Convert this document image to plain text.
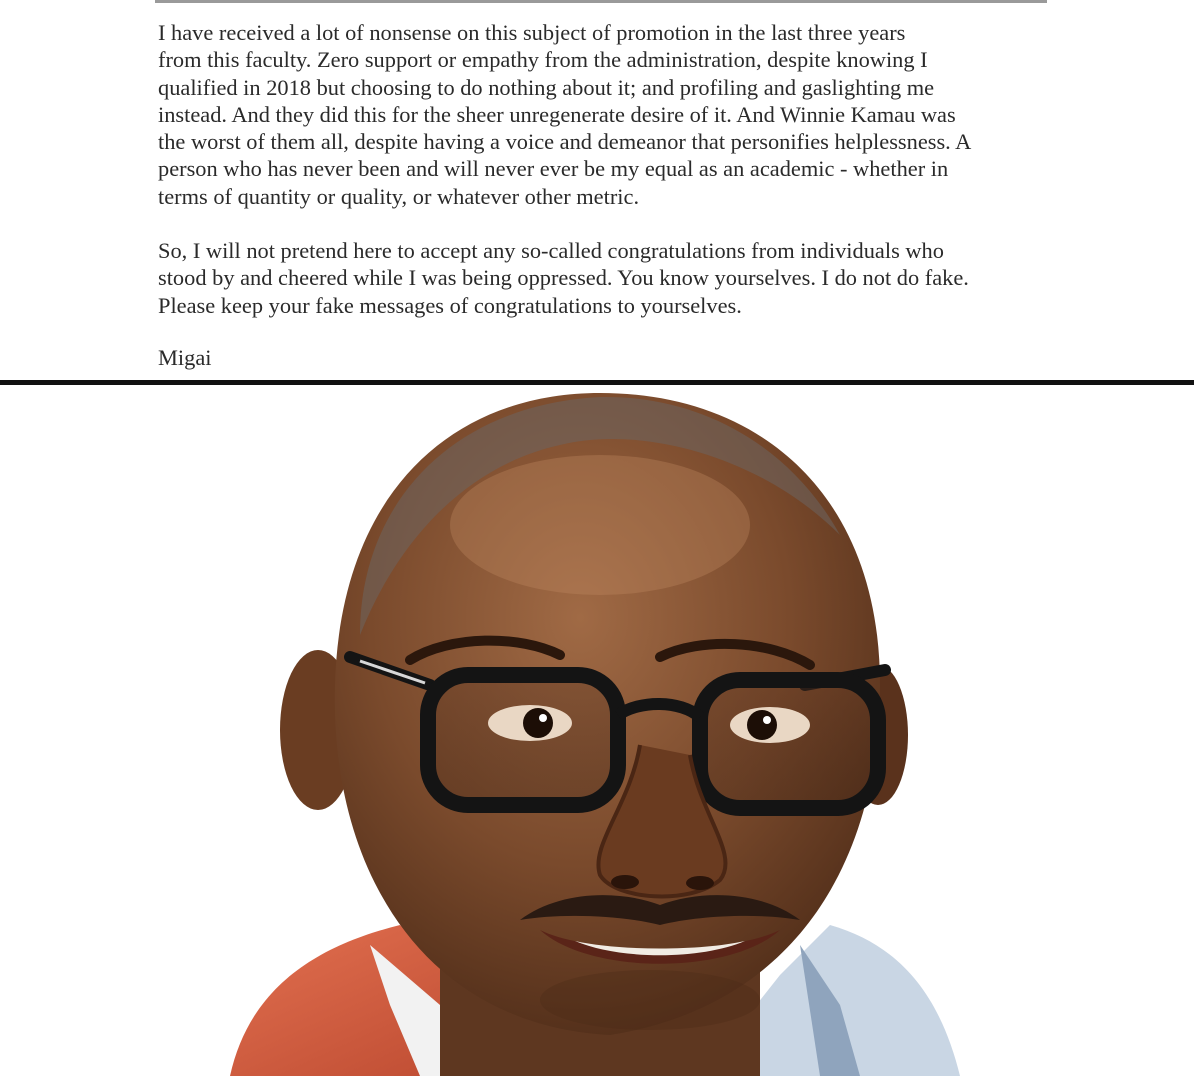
I have received a lot of nonsense on this subject of promotion in the last three years
from this faculty. Zero support or empathy from the administration, despite knowing I
qualified in 2018 but choosing to do nothing about it; and profiling and gaslighting me
instead. And they did this for the sheer unregenerate desire of it. And Winnie Kamau was
the worst of them all, despite having a voice and demeanor that personifies helplessness. A
person who has never been and will never ever be my equal as an academic - whether in
terms of quantity or quality, or whatever other metric.
So, I will not pretend here to accept any so-called congratulations from individuals who
stood by and cheered while I was being oppressed. You know yourselves. I do not do fake.
Please keep your fake messages of congratulations to yourselves.
Migai
